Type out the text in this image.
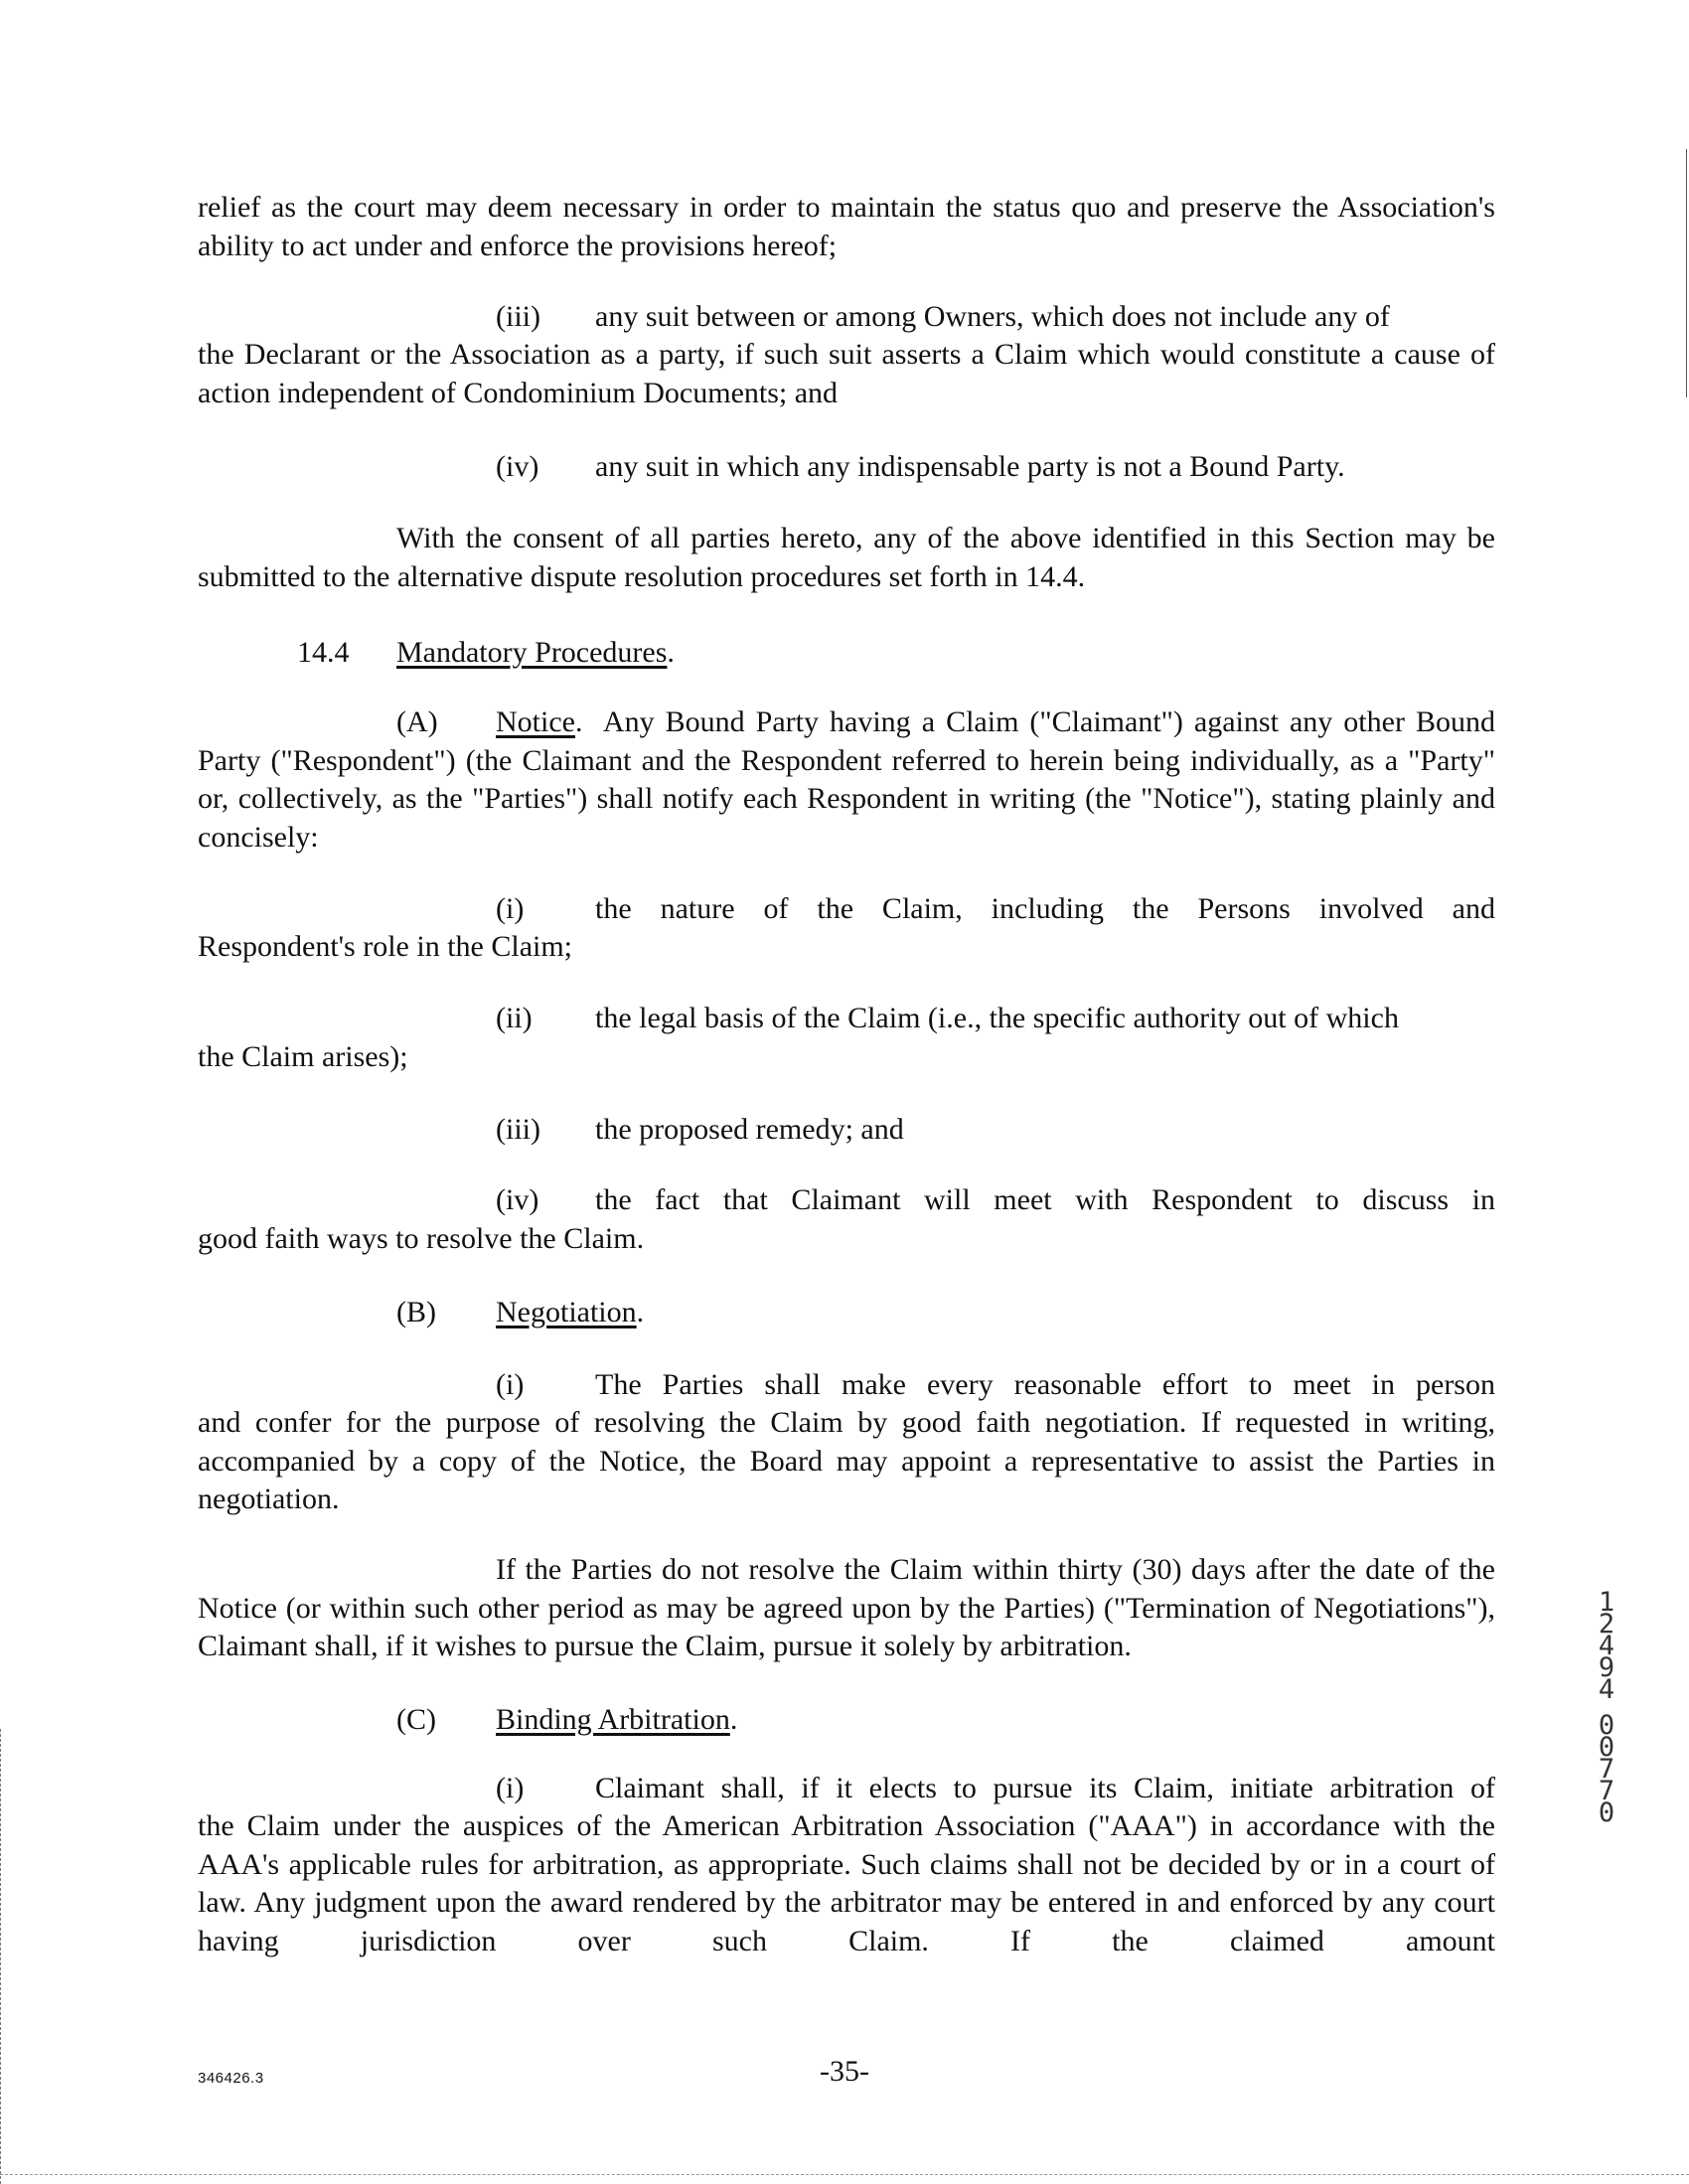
relief as the court may deem necessary in order to maintain the status quo and preserve the Association's ability to act under and enforce the provisions hereof;

(iii) any suit between or among Owners, which does not include any of

the Declarant or the Association as a party, if such suit asserts a Claim which would constitute a cause of action independent of Condominium Documents; and

(iv) any suit in which any indispensable party is not a Bound Party.

With the consent of all parties hereto, any of the above identified in this Section may be submitted to the alternative dispute resolution procedures set forth in 14.4.

14.4 Mandatory Procedures.

(A) Notice. Any Bound Party having a Claim ("Claimant") against any other Bound Party ("Respondent") (the Claimant and the Respondent referred to herein being individually, as a "Party" or, collectively, as the "Parties") shall notify each Respondent in writing (the "Notice"), stating plainly and concisely:

(i) the nature of the Claim, including the Persons involved and
Respondent's role in the Claim;
(ii) the legal basis of the Claim (i.e., the specific authority out of which
the Claim arises);
(iii) the proposed remedy; and
(iv) the fact that Claimant will meet with Respondent to discuss in
good faith ways to resolve the Claim.
(B) Negotiation.
(i) The Parties shall make every reasonable effort to meet in person

and confer for the purpose of resolving the Claim by good faith negotiation. If requested in writing, accompanied by a copy of the Notice, the Board may appoint a representative to assist the Parties in negotiation.

If the Parties do not resolve the Claim within thirty (30) days after the date of the Notice (or within such other period as may be agreed upon by the Parties) ("Termination of Negotiations"), Claimant shall, if it wishes to pursue the Claim, pursue it solely by arbitration.

(C) Binding Arbitration.
(i) Claimant shall, if it elects to pursue its Claim, initiate arbitration of

the Claim under the auspices of the American Arbitration Association ("AAA") in accordance with the AAA's applicable rules for arbitration, as appropriate. Such claims shall not be decided by or in a court of law. Any judgment upon the award rendered by the arbitrator may be entered in and enforced by any court having jurisdiction over such Claim. If the claimed amount

346426.3	-35-
1
2
4
9
4
0
0
7
7
0
